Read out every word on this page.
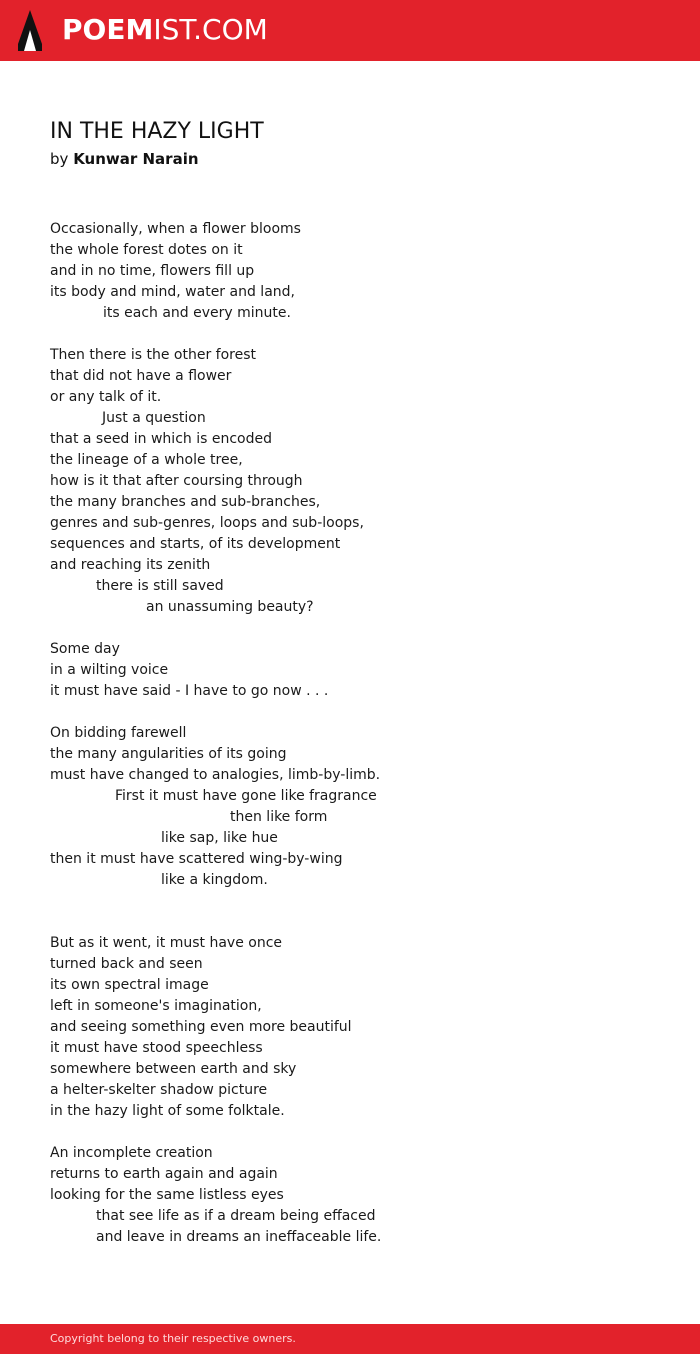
POEMIST.COM
IN THE HAZY LIGHT
by Kunwar Narain
Occasionally, when a flower blooms
the whole forest dotes on it
and in no time, flowers fill up
its body and mind, water and land,
its each and every minute.
Then there is the other forest
that did not have a flower
or any talk of it.
Just a question
that a seed in which is encoded
the lineage of a whole tree,
how is it that after coursing through
the many branches and sub-branches,
genres and sub-genres, loops and sub-loops,
sequences and starts, of its development
and reaching its zenith
there is still saved
an unassuming beauty?
Some day
in a wilting voice
it must have said - I have to go now . . .
On bidding farewell
the many angularities of its going
must have changed to analogies, limb-by-limb.
First it must have gone like fragrance
then like form
like sap, like hue
then it must have scattered wing-by-wing
like a kingdom.
But as it went, it must have once
turned back and seen
its own spectral image
left in someone's imagination,
and seeing something even more beautiful
it must have stood speechless
somewhere between earth and sky
a helter-skelter shadow picture
in the hazy light of some folktale.
An incomplete creation
returns to earth again and again
looking for the same listless eyes
that see life as if a dream being effaced
and leave in dreams an ineffaceable life.
Copyright belong to their respective owners.
